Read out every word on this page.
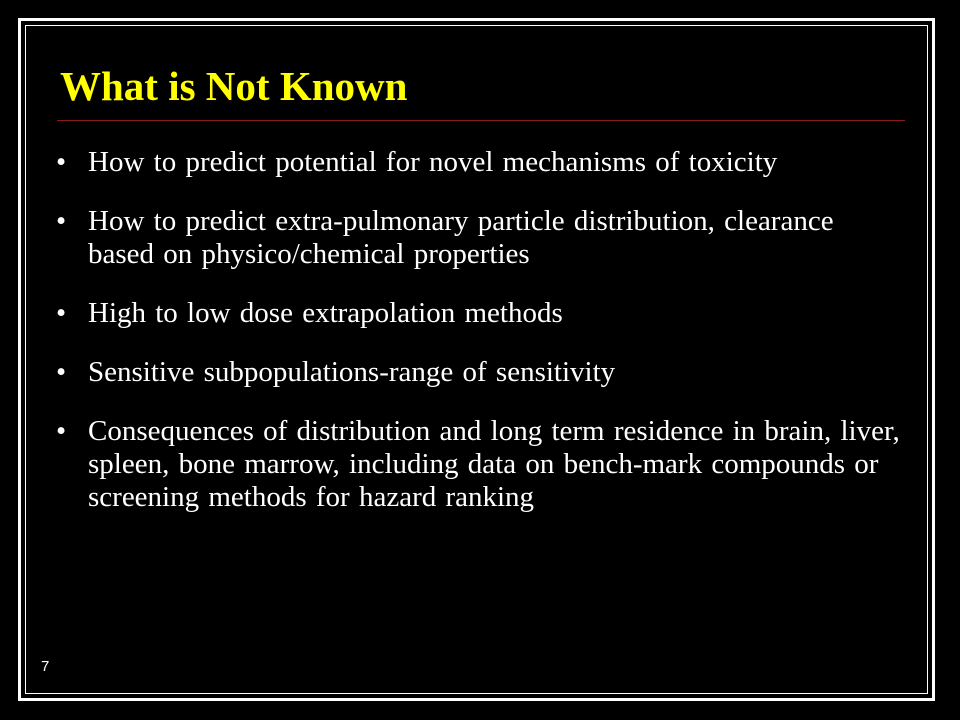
What is Not Known
• How to predict potential for novel mechanisms of toxicity
• How to predict extra-pulmonary particle distribution, clearance based on physico/chemical properties
• High to low dose extrapolation methods
• Sensitive subpopulations-range of sensitivity
• Consequences of distribution and long term residence in brain, liver, spleen, bone marrow, including data on bench-mark compounds or screening methods for hazard ranking
7
